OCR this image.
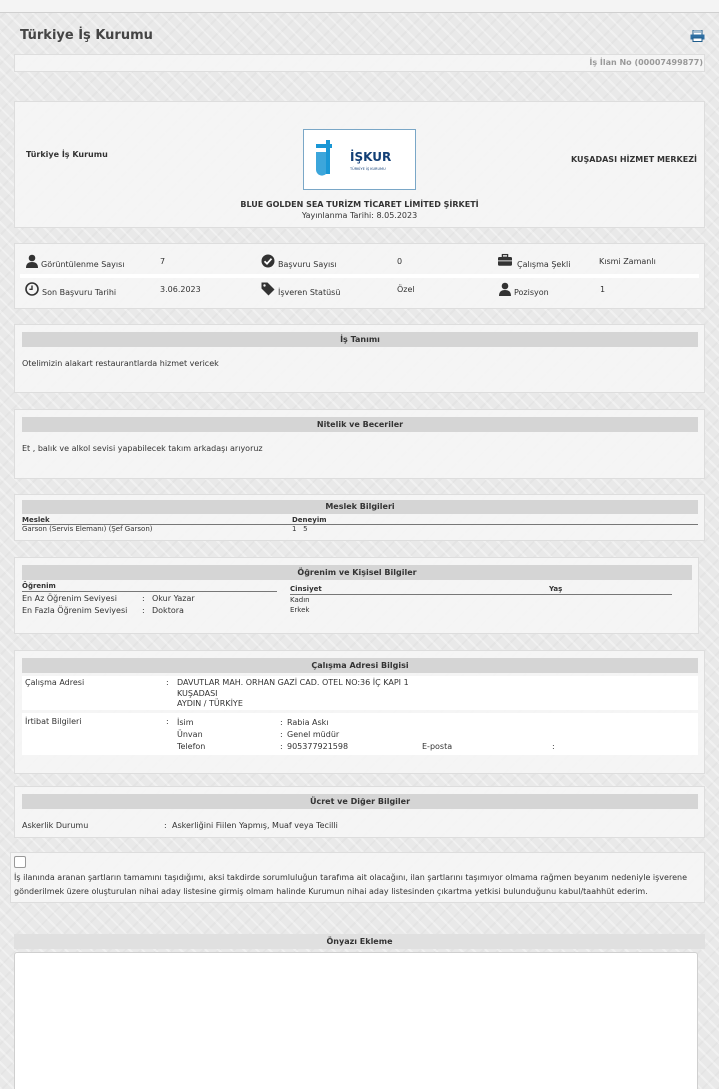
Türkiye İş Kurumu
İş İlan No (00007499877)
Türkiye İş Kurumu	İŞKUR
TÜRKİYE İŞ KURUMU
KUŞADASI HİZMET MERKEZİ
BLUE GOLDEN SEA TURİZM TİCARET LİMİTED ŞİRKETİ
Yayınlanma Tarihi: 8.05.2023
Görüntülenme Sayısı	7	Başvuru Sayısı	0	Çalışma Şekli	Kısmi Zamanlı
Son Başvuru Tarihi	3.06.2023	İşveren Statüsü	Özel	Pozisyon	1
İş Tanımı
Otelimizin alakart restaurantlarda hizmet vericek
Nitelik ve Beceriler
Et , balık ve alkol sevisi yapabilecek takım arkadaşı arıyoruz
Meslek Bilgileri
Meslek	Deneyim
Garson (Servis Elemanı) (Şef Garson)	1   5
Öğrenim ve Kişisel Bilgiler
Öğrenim
En Az Öğrenim Seviyesi	: Okur Yazar
En Fazla Öğrenim Seviyesi : Doktora
Cinsiyet	Yaş
Kadın
Erkek
Çalışma Adresi Bilgisi
Çalışma Adresi	: DAVUTLAR MAH. ORHAN GAZİ CAD. OTEL NO:36 İÇ KAPI 1
KUŞADASI
AYDIN / TÜRKİYE
İrtibat Bilgileri	: İsim	: Rabia Askı
Ünvan	: Genel müdür
Telefon	: 905377921598	E-posta	:
Ücret ve Diğer Bilgiler
Askerlik Durumu	: Askerliğini Fiilen Yapmış, Muaf veya Tecilli
İş ilanında aranan şartların tamamını taşıdığımı, aksi takdirde sorumluluğun tarafıma ait olacağını, ilan şartlarını taşımıyor olmama rağmen beyanım nedeniyle işverene gönderilmek üzere oluşturulan nihai aday listesine girmiş olmam halinde Kurumun nihai aday listesinden çıkartma yetkisi bulunduğunu kabul/taahhüt ederim.
Önyazı Ekleme
